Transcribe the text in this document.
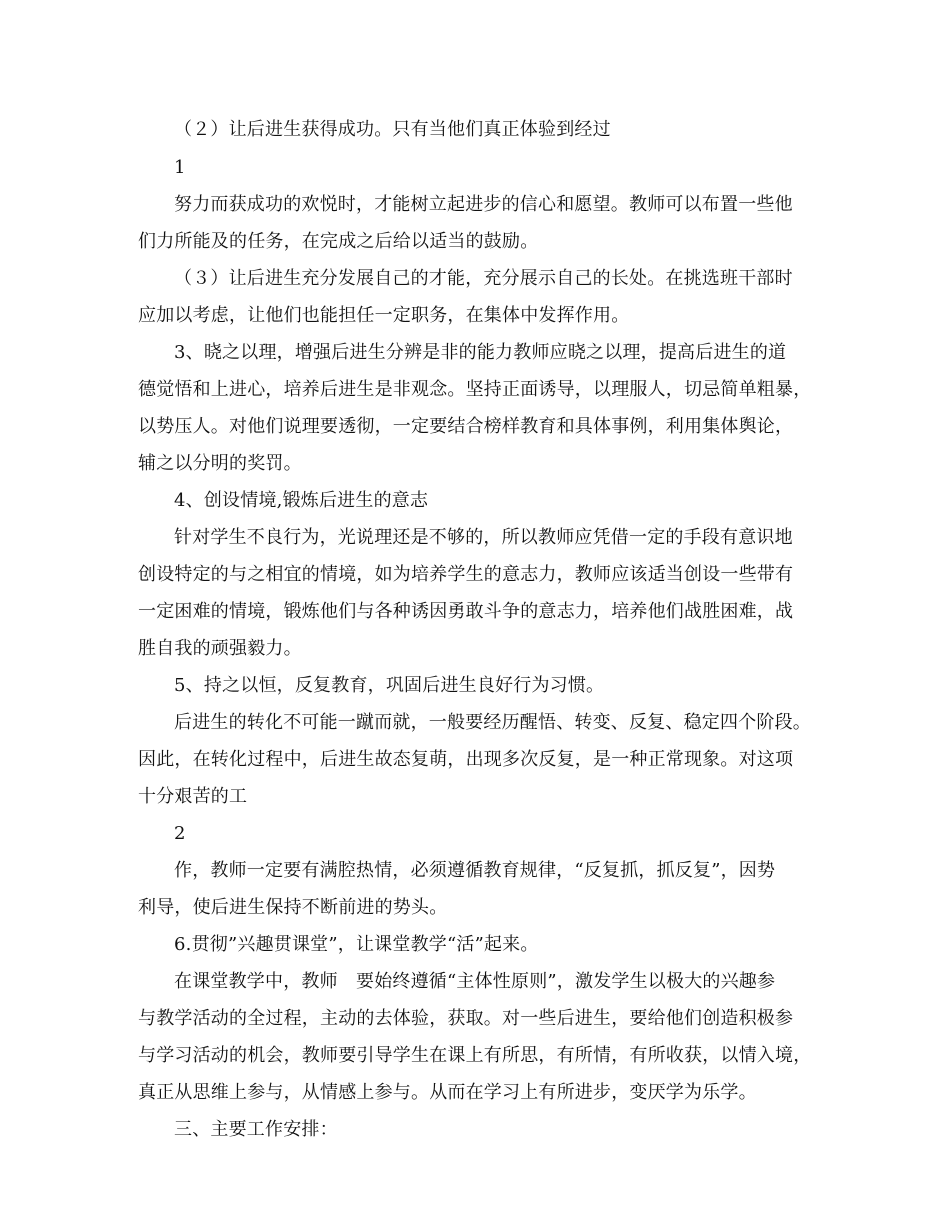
（２）让后进生获得成功。只有当他们真正体验到经过

1

努力而获成功的欢悦时，才能树立起进步的信心和愿望。教师可以布置一些他

们力所能及的任务，在完成之后给以适当的鼓励。

（３）让后进生充分发展自己的才能，充分展示自己的长处。在挑选班干部时

应加以考虑，让他们也能担任一定职务，在集体中发挥作用。

3、晓之以理，增强后进生分辨是非的能力教师应晓之以理，提高后进生的道

德觉悟和上进心，培养后进生是非观念。坚持正面诱导，以理服人，切忌简单粗暴，

以势压人。对他们说理要透彻，一定要结合榜样教育和具体事例，利用集体舆论，

辅之以分明的奖罚。

4、创设情境,锻炼后进生的意志

针对学生不良行为，光说理还是不够的，所以教师应凭借一定的手段有意识地

创设特定的与之相宜的情境，如为培养学生的意志力，教师应该适当创设一些带有

一定困难的情境，锻炼他们与各种诱因勇敢斗争的意志力，培养他们战胜困难，战

胜自我的顽强毅力。

5、持之以恒，反复教育，巩固后进生良好行为习惯。

后进生的转化不可能一蹴而就，一般要经历醒悟、转变、反复、稳定四个阶段。

因此，在转化过程中，后进生故态复萌，出现多次反复，是一种正常现象。对这项

十分艰苦的工

2

作，教师一定要有满腔热情，必须遵循教育规律，“反复抓，抓反复”，因势

利导，使后进生保持不断前进的势头。

6.贯彻”兴趣贯课堂”，让课堂教学“活”起来。

在课堂教学中，教师　要始终遵循“主体性原则”，激发学生以极大的兴趣参

与教学活动的全过程，主动的去体验，获取。对一些后进生，要给他们创造积极参

与学习活动的机会，教师要引导学生在课上有所思，有所情，有所收获，以情入境，

真正从思维上参与，从情感上参与。从而在学习上有所进步，变厌学为乐学。

三、主要工作安排：
